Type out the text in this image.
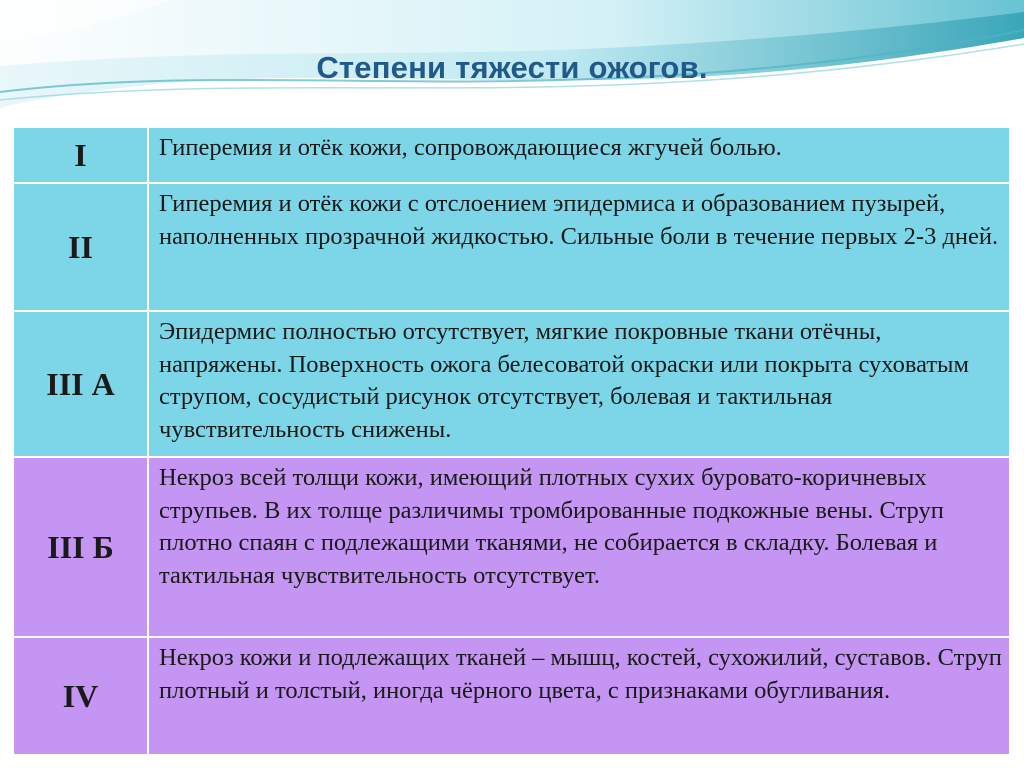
Степени тяжести ожогов.
I	Гиперемия и отёк кожи, сопровождающиеся жгучей болью.
II	Гиперемия и отёк кожи с отслоением эпидермиса и образованием пузырей, наполненных прозрачной жидкостью. Сильные боли в течение первых 2-3 дней.
III А	Эпидермис полностью отсутствует, мягкие покровные ткани отёчны, напряжены. Поверхность ожога белесоватой окраски или покрыта суховатым струпом, сосудистый рисунок отсутствует, болевая и тактильная чувствительность снижены.
III Б	Некроз всей толщи кожи, имеющий плотных сухих буровато-коричневых струпьев. В их толще различимы тромбированные подкожные вены. Струп плотно спаян с подлежащими тканями, не собирается в складку. Болевая и тактильная чувствительность отсутствует.
IV	Некроз кожи и подлежащих тканей – мышц, костей, сухожилий, суставов. Струп плотный и толстый, иногда чёрного цвета, с признаками обугливания.
